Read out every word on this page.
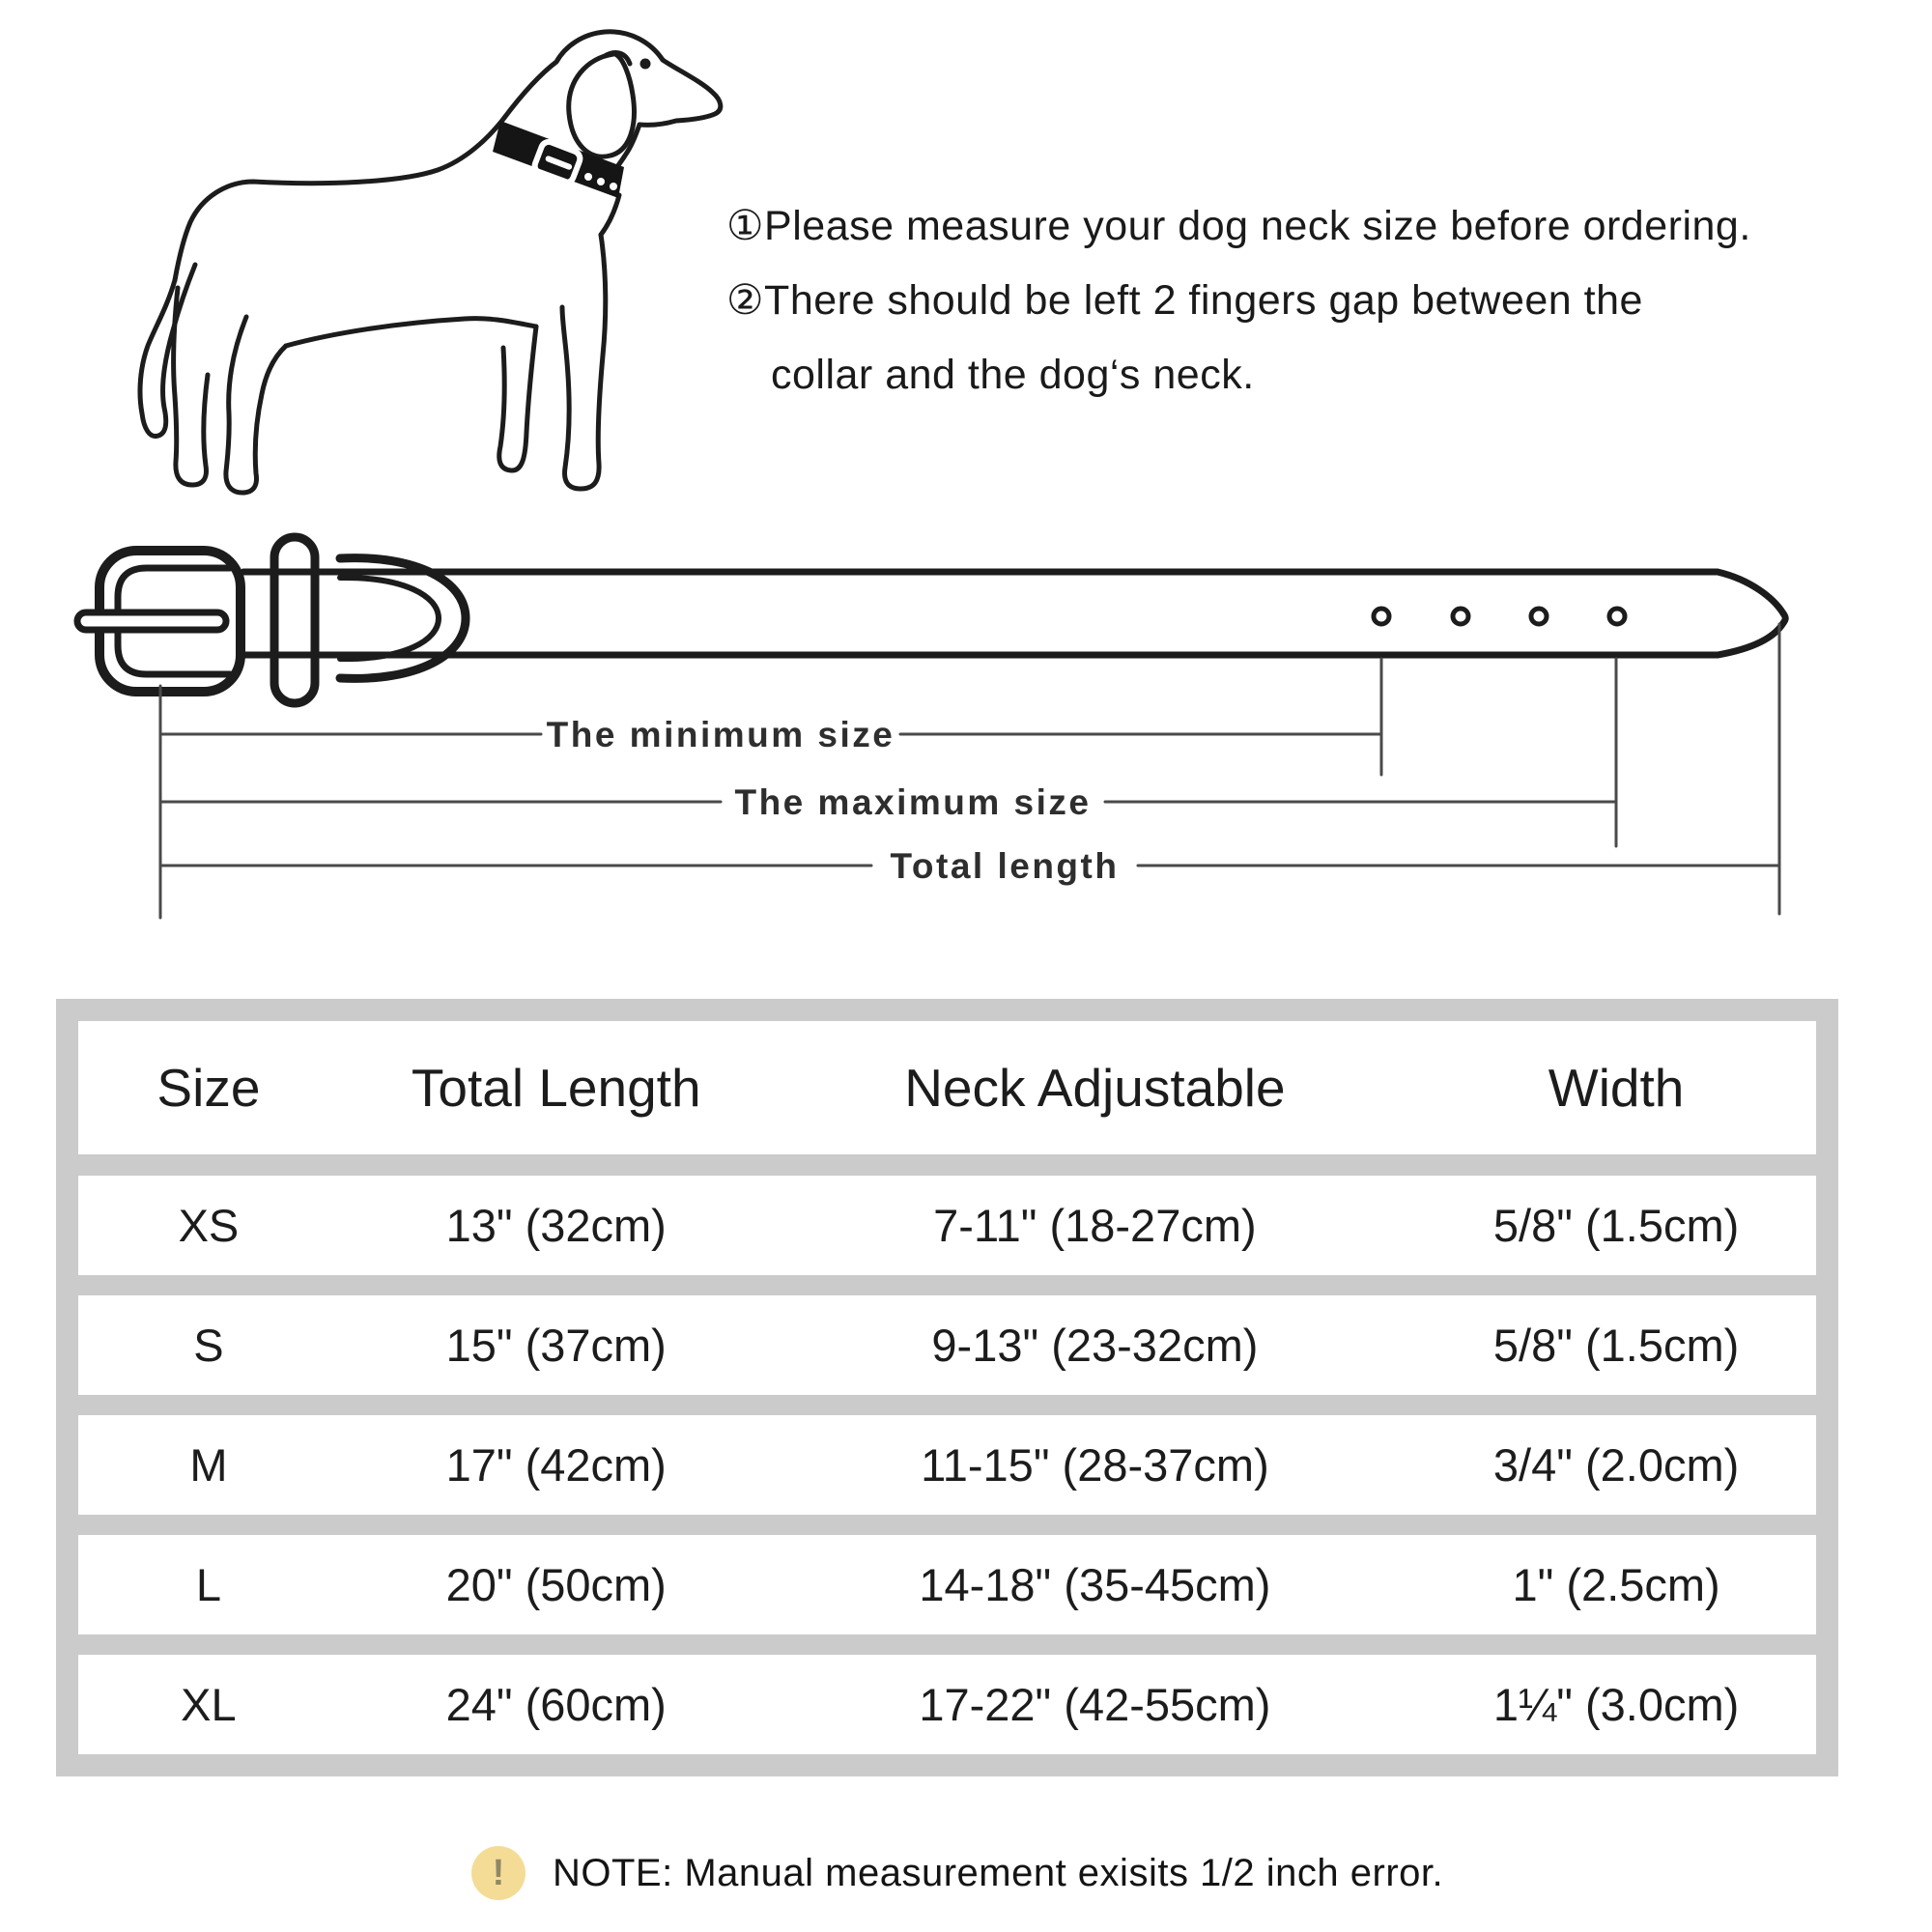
①Please measure your dog neck size before ordering.
②There should be left 2 fingers gap between the
collar and the dog‘s neck.
The minimum size
The maximum size
Total length
Size	Total Length	Neck Adjustable	Width
XS	13" (32cm)	7-11" (18-27cm)	5/8" (1.5cm)
S	15" (37cm)	9-13" (23-32cm)	5/8" (1.5cm)
M	17" (42cm)	11-15" (28-37cm)	3/4" (2.0cm)
L	20" (50cm)	14-18" (35-45cm)	1" (2.5cm)
XL	24" (60cm)	17-22" (42-55cm)	1¼" (3.0cm)
!	NOTE: Manual measurement exisits 1/2 inch error.
